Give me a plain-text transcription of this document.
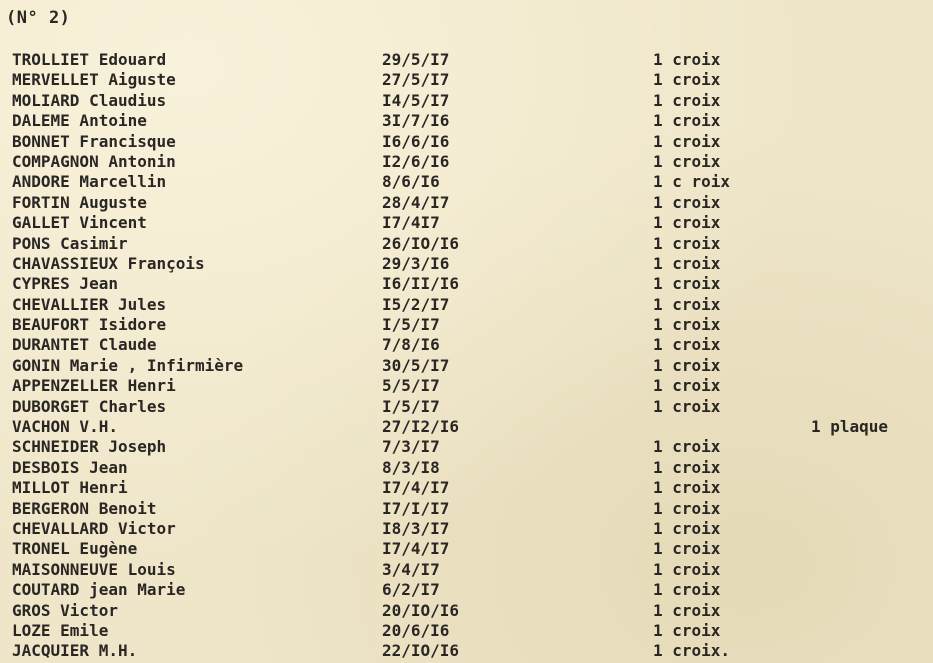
(N° 2)
TROLLIET Edouard	29/5/I7	1 croix
MERVELLET Aiguste	27/5/I7	1 croix
MOLIARD Claudius	I4/5/I7	1 croix
DALEME Antoine	3I/7/I6	1 croix
BONNET Francisque	I6/6/I6	1 croix
COMPAGNON Antonin	I2/6/I6	1 croix
ANDORE Marcellin	8/6/I6	1 c roix
FORTIN Auguste	28/4/I7	1 croix
GALLET Vincent	I7/4I7	1 croix
PONS Casimir	26/IO/I6	1 croix
CHAVASSIEUX François	29/3/I6	1 croix
CYPRES Jean	I6/II/I6	1 croix
CHEVALLIER Jules	I5/2/I7	1 croix
BEAUFORT Isidore	I/5/I7	1 croix
DURANTET Claude	7/8/I6	1 croix
GONIN Marie , Infirmière	30/5/I7	1 croix
APPENZELLER Henri	5/5/I7	1 croix
DUBORGET Charles	I/5/I7	1 croix
VACHON V.H.	27/I2/I6	1 plaque
SCHNEIDER Joseph	7/3/I7	1 croix
DESBOIS Jean	8/3/I8	1 croix
MILLOT Henri	I7/4/I7	1 croix
BERGERON Benoit	I7/I/I7	1 croix
CHEVALLARD Victor	I8/3/I7	1 croix
TRONEL Eugène	I7/4/I7	1 croix
MAISONNEUVE Louis	3/4/I7	1 croix
COUTARD jean Marie	6/2/I7	1 croix
GROS Victor	20/IO/I6	1 croix
LOZE Emile	20/6/I6	1 croix
JACQUIER M.H.	22/IO/I6	1 croix.
